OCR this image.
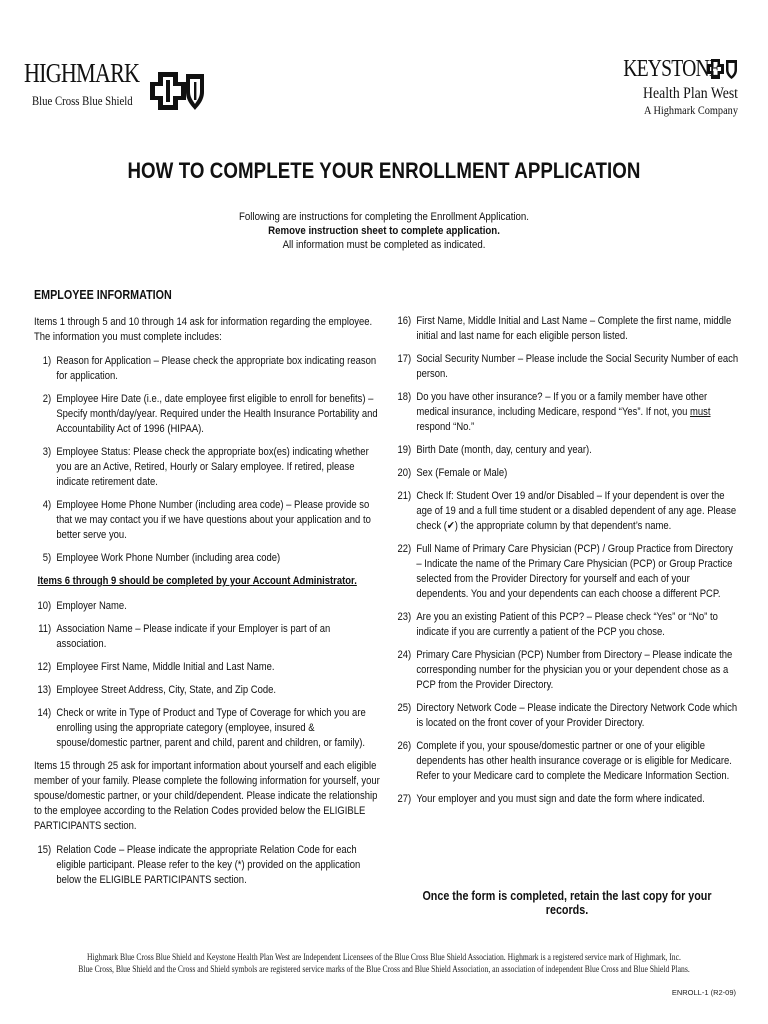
HIGHMARK
Blue Cross Blue Shield
KEYSTONE
Health Plan West
A Highmark Company
HOW TO COMPLETE YOUR ENROLLMENT APPLICATION
Following are instructions for completing the Enrollment Application.
Remove instruction sheet to complete application.
All information must be completed as indicated.
EMPLOYEE INFORMATION
Items 1 through 5 and 10 through 14 ask for information regarding the employee. The information you must complete includes:
1) Reason for Application – Please check the appropriate box indicating reason for application.
2) Employee Hire Date (i.e., date employee first eligible to enroll for benefits) – Specify month/day/year. Required under the Health Insurance Portability and Accountability Act of 1996 (HIPAA).
3) Employee Status: Please check the appropriate box(es) indicating whether you are an Active, Retired, Hourly or Salary employee. If retired, please indicate retirement date.
4) Employee Home Phone Number (including area code) – Please provide so that we may contact you if we have questions about your application and to better serve you.
5) Employee Work Phone Number (including area code)
Items 6 through 9 should be completed by your Account Administrator.
10) Employer Name.
11) Association Name – Please indicate if your Employer is part of an association.
12) Employee First Name, Middle Initial and Last Name.
13) Employee Street Address, City, State, and Zip Code.
14) Check or write in Type of Product and Type of Coverage for which you are enrolling using the appropriate category (employee, insured & spouse/domestic partner, parent and child, parent and children, or family).
Items 15 through 25 ask for important information about yourself and each eligible member of your family. Please complete the following information for yourself, your spouse/domestic partner, or your child/dependent. Please indicate the relationship to the employee according to the Relation Codes provided below the ELIGIBLE PARTICIPANTS section.
15) Relation Code – Please indicate the appropriate Relation Code for each eligible participant. Please refer to the key (*) provided on the application below the ELIGIBLE PARTICIPANTS section.
16) First Name, Middle Initial and Last Name – Complete the first name, middle initial and last name for each eligible person listed.
17) Social Security Number – Please include the Social Security Number of each person.
18) Do you have other insurance? – If you or a family member have other medical insurance, including Medicare, respond “Yes”. If not, you must respond “No.”
19) Birth Date (month, day, century and year).
20) Sex (Female or Male)
21) Check If: Student Over 19 and/or Disabled – If your dependent is over the age of 19 and a full time student or a disabled dependent of any age. Please check (✔) the appropriate column by that dependent’s name.
22) Full Name of Primary Care Physician (PCP) / Group Practice from Directory – Indicate the name of the Primary Care Physician (PCP) or Group Practice selected from the Provider Directory for yourself and each of your dependents. You and your dependents can each choose a different PCP.
23) Are you an existing Patient of this PCP? – Please check “Yes” or “No” to indicate if you are currently a patient of the PCP you chose.
24) Primary Care Physician (PCP) Number from Directory – Please indicate the corresponding number for the physician you or your dependent chose as a PCP from the Provider Directory.
25) Directory Network Code – Please indicate the Directory Network Code which is located on the front cover of your Provider Directory.
26) Complete if you, your spouse/domestic partner or one of your eligible dependents has other health insurance coverage or is eligible for Medicare. Refer to your Medicare card to complete the Medicare Information Section.
27) Your employer and you must sign and date the form where indicated.
Once the form is completed, retain the last copy for your records.
Highmark Blue Cross Blue Shield and Keystone Health Plan West are Independent Licensees of the Blue Cross Blue Shield Association. Highmark is a registered service mark of Highmark, Inc.
Blue Cross, Blue Shield and the Cross and Shield symbols are registered service marks of the Blue Cross and Blue Shield Association, an association of independent Blue Cross and Blue Shield Plans.
ENROLL-1 (R2-09)
